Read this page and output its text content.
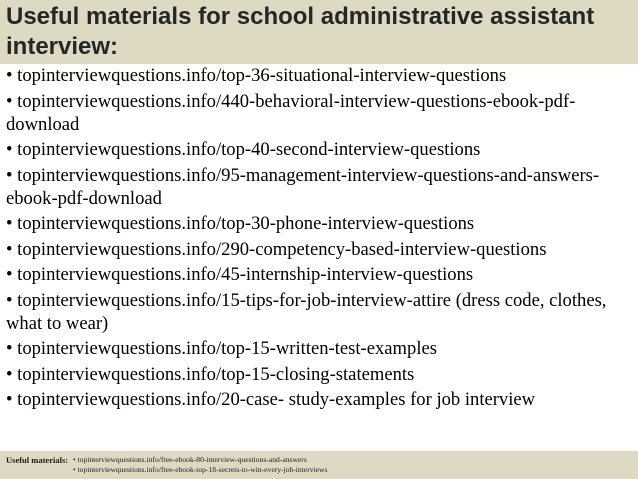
Useful materials for school administrative assistant interview:
• topinterviewquestions.info/top-36-situational-interview-questions
• topinterviewquestions.info/440-behavioral-interview-questions-ebook-pdf-download
• topinterviewquestions.info/top-40-second-interview-questions
• topinterviewquestions.info/95-management-interview-questions-and-answers-ebook-pdf-download
• topinterviewquestions.info/top-30-phone-interview-questions
• topinterviewquestions.info/290-competency-based-interview-questions
• topinterviewquestions.info/45-internship-interview-questions
• topinterviewquestions.info/15-tips-for-job-interview-attire (dress code, clothes, what to wear)
• topinterviewquestions.info/top-15-written-test-examples
• topinterviewquestions.info/top-15-closing-statements
• topinterviewquestions.info/20-case- study-examples for job interview
Useful materials: • topinterviewquestions.info/free-ebook-80-interview-questions-and-answers
• topinterviewquestions.info/free-ebook-top-18-secrets-to-win-every-job-interviews
